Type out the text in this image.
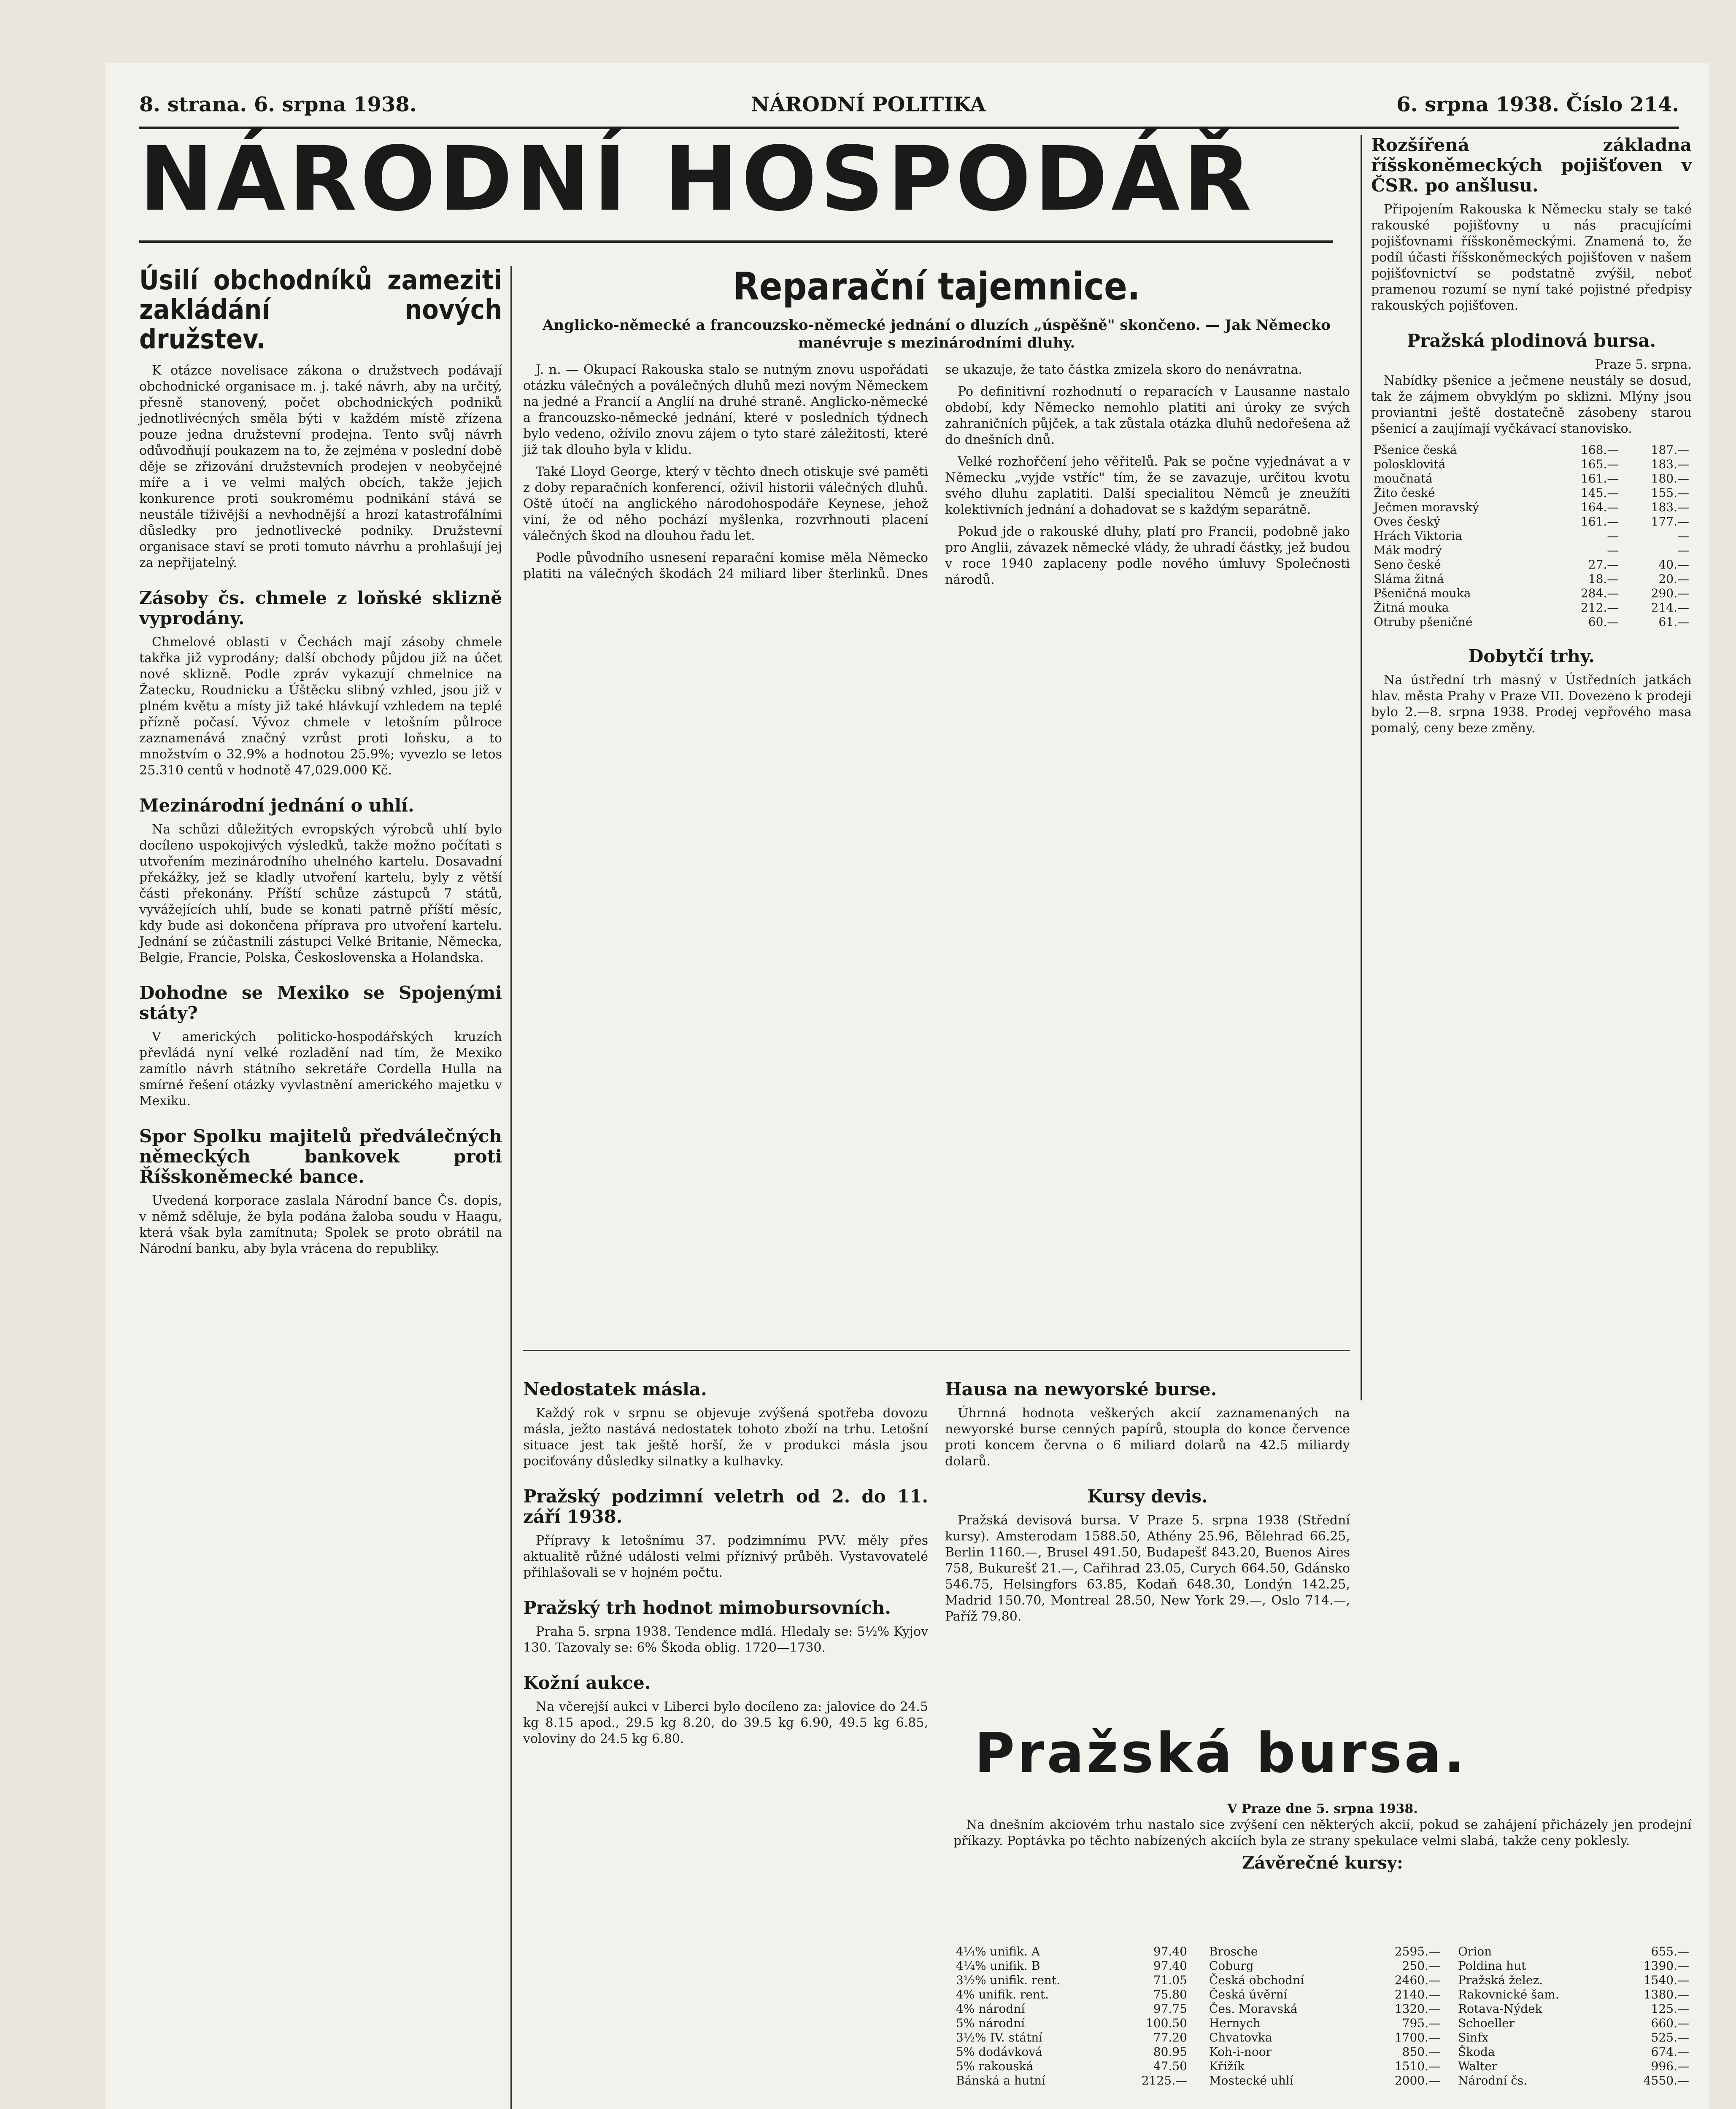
8. strana. 6. srpna 1938.	NÁRODNÍ POLITIKA	6. srpna 1938. Číslo 214.
NÁRODNÍ HOSPODÁŘ
Úsilí obchodníků zameziti zakládání nových družstev.

K otázce novelisace zákona o družstvech podávají obchodnické organisace m. j. také návrh, aby na určitý, přesně stanovený, počet obchodnických podniků jednotlivécných směla býti v každém místě zřízena pouze jedna družstevní prodejna. Tento svůj návrh odůvodňují poukazem na to, že zejména v poslední době děje se zřizování družstevních prodejen v neobyčejné míře a i ve velmi malých obcích, takže jejich konkurence proti soukromému podnikání stává se neustále tíživější a nevhodnější a hrozí katastrofálními důsledky pro jednotlivecké podniky. Družstevní organisace staví se proti tomuto návrhu a prohlašují jej za nepřijatelný.

Zásoby čs. chmele z loňské sklizně vyprodány.

Chmelové oblasti v Čechách mají zásoby chmele takřka již vyprodány; další obchody půjdou již na účet nové sklizně. Podle zpráv vykazují chmelnice na Žatecku, Roudnicku a Úštěcku slibný vzhled, jsou již v plném květu a místy již také hlávkují vzhledem na teplé přízně počasí. Vývoz chmele v letošním půlroce zaznamenává značný vzrůst proti loňsku, a to množstvím o 32.9% a hodnotou 25.9%; vyvezlo se letos 25.310 centů v hodnotě 47,029.000 Kč.

Mezinárodní jednání o uhlí.

Na schůzi důležitých evropských výrobců uhlí bylo docíleno uspokojivých výsledků, takže možno počítati s utvořením mezinárodního uhelného kartelu. Dosavadní překážky, jež se kladly utvoření kartelu, byly z větší části překonány. Příští schůze zástupců 7 států, vyvážejících uhlí, bude se konati patrně příští měsíc, kdy bude asi dokončena příprava pro utvoření kartelu. Jednání se zúčastnili zástupci Velké Britanie, Německa, Belgie, Francie, Polska, Československa a Holandska.

Dohodne se Mexiko se Spojenými státy?

V amerických politicko-hospodářských kruzích převládá nyní velké rozladění nad tím, že Mexiko zamítlo návrh státního sekretáře Cordella Hulla na smírné řešení otázky vyvlastnění amerického majetku v Mexiku.

Spor Spolku majitelů předválečných německých bankovek proti Říšskoněmecké bance.

Uvedená korporace zaslala Národní bance Čs. dopis, v němž sděluje, že byla podána žaloba soudu v Haagu, která však byla zamítnuta; Spolek se proto obrátil na Národní banku, aby byla vrácena do republiky.

Reparační tajemnice.
Anglicko-německé a francouzsko-německé jednání o dluzích „úspěšně" skončeno. — Jak Německo manévruje s mezinárodními dluhy.

J. n. — Okupací Rakouska stalo se nutným znovu uspořádati otázku válečných a poválečných dluhů mezi novým Německem na jedné a Francií a Anglií na druhé straně. Anglicko-německé a francouzsko-německé jednání, které v posledních týdnech bylo vedeno, ožívilo znovu zájem o tyto staré záležitosti, které již tak dlouho byla v klidu.

Také Lloyd George, který v těchto dnech otiskuje své paměti z doby reparačních konferencí, oživil historii válečných dluhů. Oště útočí na anglického národohospodáře Keynese, jehož viní, že od něho pochází myšlenka, rozvrhnouti placení válečných škod na dlouhou řadu let.

Podle původního usnesení reparační komise měla Německo platiti na válečných škodách 24 miliard liber šterlinků. Dnes se ukazuje, že tato částka zmizela skoro do nenávratna.

Po definitivní rozhodnutí o reparacích v Lausanne nastalo období, kdy Německo nemohlo platiti ani úroky ze svých zahraničních půjček, a tak zůstala otázka dluhů nedořešena až do dnešních dnů.

Velké rozhořčení jeho věřitelů. Pak se počne vyjednávat a v Německu „vyjde vstříc" tím, že se zavazuje, určitou kvotu svého dluhu zaplatiti. Další specialitou Němců je zneužíti kolektivních jednání a dohadovat se s každým separátně.

Pokud jde o rakouské dluhy, platí pro Francii, podobně jako pro Anglii, závazek německé vlády, že uhradí částky, jež budou v roce 1940 zaplaceny podle nového úmluvy Společnosti národů.

Nedostatek másla.

Každý rok v srpnu se objevuje zvýšená spotřeba dovozu másla, ježto nastává nedostatek tohoto zboží na trhu. Letošní situace jest tak ještě horší, že v produkci másla jsou pociťovány důsledky silnatky a kulhavky.

Pražský podzimní veletrh od 2. do 11. září 1938.

Přípravy k letošnímu 37. podzimnímu PVV. měly přes aktualitě růžné události velmi příznivý průběh. Vystavovatelé přihlašovali se v hojném počtu.

Pražský trh hodnot mimobursovních.

Praha 5. srpna 1938. Tendence mdlá. Hledaly se: 5½% Kyjov 130. Tazovaly se: 6% Škoda oblig. 1720—1730.

Kožní aukce.

Na včerejší aukci v Liberci bylo docíleno za: jalovice do 24.5 kg 8.15 apod., 29.5 kg 8.20, do 39.5 kg 6.90, 49.5 kg 6.85, voloviny do 24.5 kg 6.80.

Hausa na newyorské burse.

Úhrnná hodnota veškerých akcií zaznamenaných na newyorské burse cenných papírů, stoupla do konce července proti koncem června o 6 miliard dolarů na 42.5 miliardy dolarů.

Kursy devis.

Pražská devisová bursa. V Praze 5. srpna 1938 (Střední kursy). Amsterodam 1588.50, Athény 25.96, Bělehrad 66.25, Berlin 1160.—, Brusel 491.50, Budapešť 843.20, Buenos Aires 758, Bukurešť 21.—, Cařihrad 23.05, Curych 664.50, Gdánsko 546.75, Helsingfors 63.85, Kodaň 648.30, Londýn 142.25, Madrid 150.70, Montreal 28.50, New York 29.—, Oslo 714.—, Paříž 79.80.

Rozšířená základna říšskoněmeckých pojišťoven v ČSR. po anšlusu.

Připojením Rakouska k Německu staly se také rakouské pojišťovny u nás pracujícími pojišťovnami říšskoněmeckými. Znamená to, že podíl účasti říšskoněmeckých pojišťoven v našem pojišťovnictví se podstatně zvýšil, neboť pramenou rozumí se nyní také pojistné předpisy rakouských pojišťoven.

Pražská plodinová bursa.
Praze 5. srpna.

Nabídky pšenice a ječmene neustály se dosud, tak že zájmem obvyklým po sklizni. Mlýny jsou proviantni ještě dostatečně zásobeny starou pšenicí a zaujímají vyčkávací stanovisko.

Pšenice česká	168.—	187.—
polosklovitá	165.—	183.—
moučnatá	161.—	180.—
Žito české	145.—	155.—
Ječmen moravský	164.—	183.—
Oves český	161.—	177.—
Hrách Viktoria	—	—
Mák modrý	—	—
Seno české	27.—	40.—
Sláma žitná	18.—	20.—
Pšeničná mouka	284.—	290.—
Žitná mouka	212.—	214.—
Otruby pšeničné	60.—	61.—
Dobytčí trhy.

Na ústřední trh masný v Ústředních jatkách hlav. města Prahy v Praze VII. Dovezeno k prodeji bylo 2.—8. srpna 1938. Prodej vepřového masa pomalý, ceny beze změny.

Pražská bursa.
V Praze dne 5. srpna 1938.

Na dnešním akciovém trhu nastalo sice zvýšení cen některých akcií, pokud se zahájení přicházely jen prodejní příkazy. Poptávka po těchto nabízených akciích byla ze strany spekulace velmi slabá, takže ceny poklesly.

Závěrečné kursy:
4¼% unifik. A	97.40
4¼% unifik. B	97.40
3½% unifik. rent.	71.05
4% unifik. rent.	75.80
4% národní	97.75
5% národní	100.50
3½% IV. státní	77.20
5% dodávková	80.95
5% rakouská	47.50
Bánská a hutní	2125.—
Brosche	2595.—
Coburg	250.—
Česká obchodní	2460.—
Česká úvěrní	2140.—
Čes. Moravská	1320.—
Hernych	795.—
Chvatovka	1700.—
Koh-i-noor	850.—
Křižík	1510.—
Mostecké uhlí	2000.—
Orion	655.—
Poldina hut	1390.—
Pražská želez.	1540.—
Rakovnické šam.	1380.—
Rotava-Nýdek	125.—
Schoeller	660.—
Sinfx	525.—
Škoda	674.—
Walter	996.—
Národní čs.	4550.—
